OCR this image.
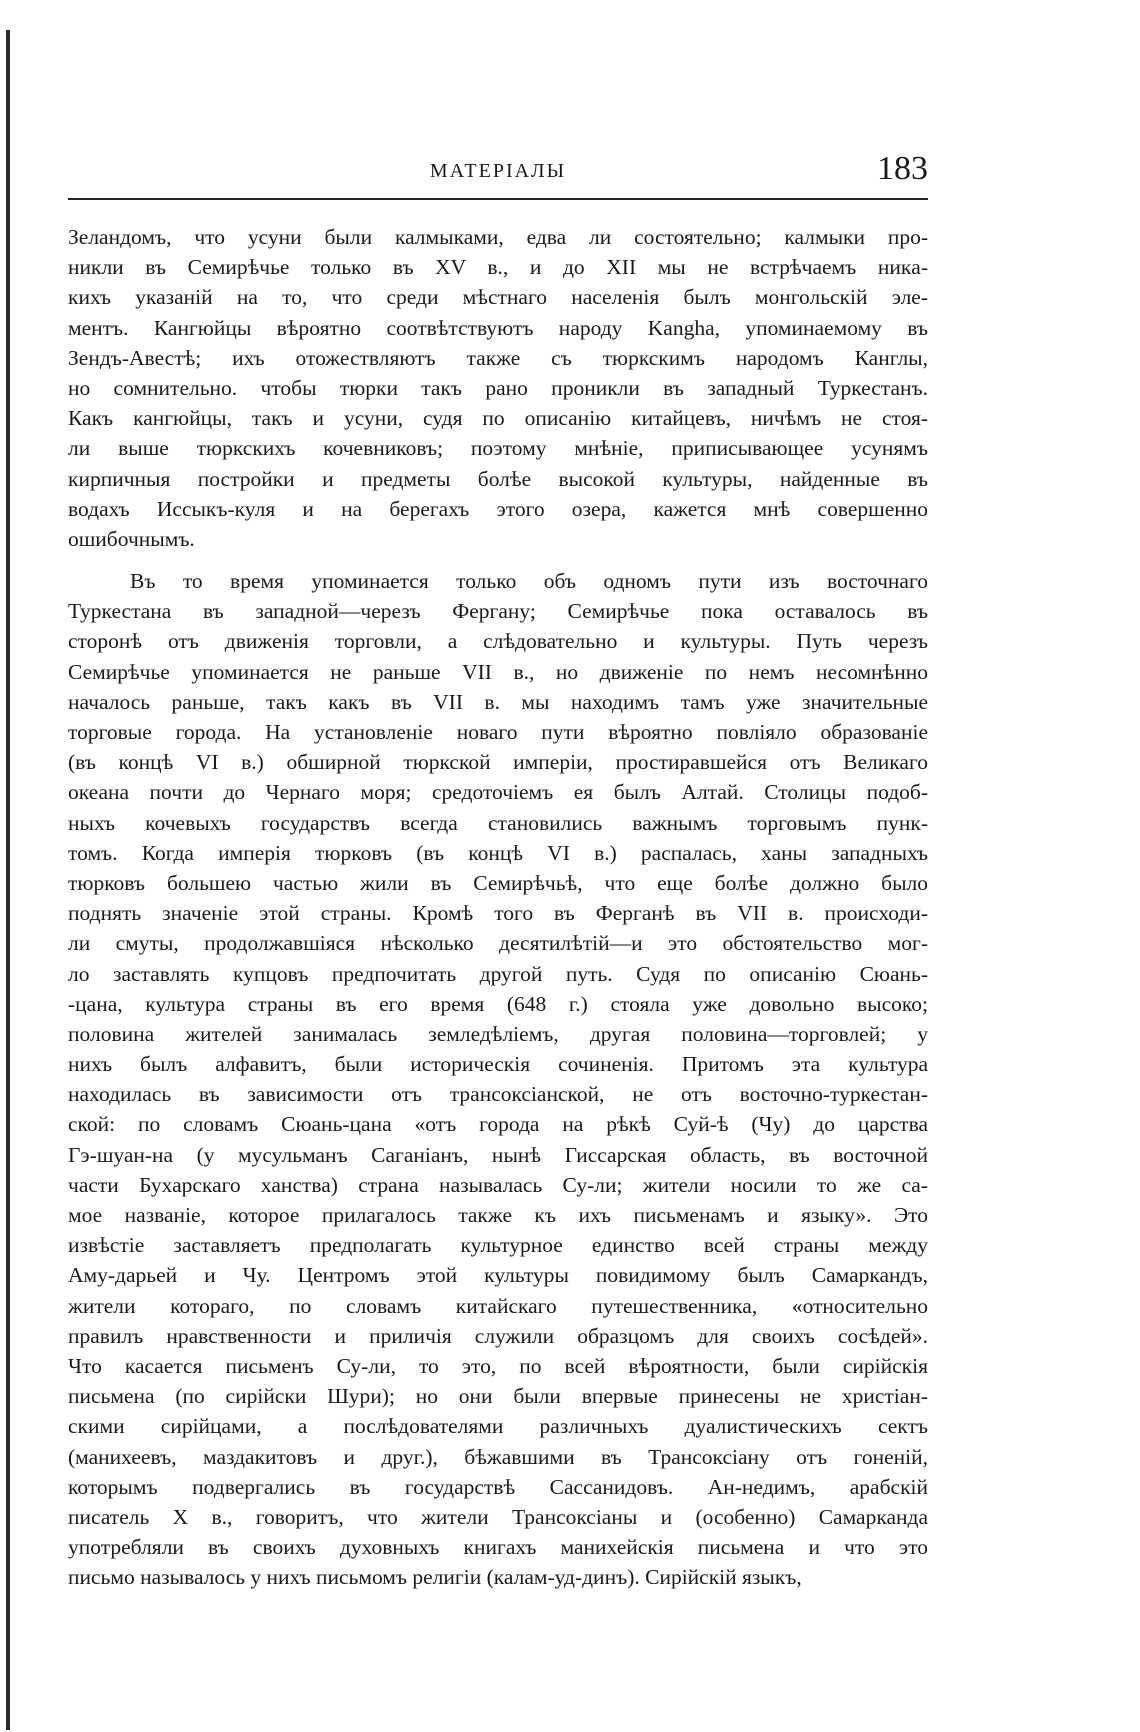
МАТЕРІАЛЫ	183
Зеландомъ, что усуни были калмыками, едва ли состоятельно; калмыки про-
никли въ Семирѣчье только въ XV в., и до XII мы не встрѣчаемъ никa-
кихъ указаній на то, что среди мѣстнаго населенія былъ монгольскій эле-
ментъ. Кангюйцы вѣроятно соотвѣтствуютъ народу Kangha, упоминаемому въ
Зендъ-Авестѣ; ихъ отожествляютъ также съ тюркскимъ народомъ Канглы,
но сомнительно. чтобы тюрки такъ рано проникли въ западный Туркестанъ.
Какъ кангюйцы, такъ и усуни, судя по описанію китайцевъ, ничѣмъ не стоя-
ли выше тюркскихъ кочевниковъ; поэтому мнѣніе, приписывающее усунямъ
кирпичныя постройки и предметы болѣе высокой культуры, найденные въ
водахъ Иссыкъ-куля и на берегахъ этого озера, кажется мнѣ совершенно
ошибочнымъ.
Въ то время упоминается только объ одномъ пути изъ восточнаго
Туркестана въ западной—черезъ Фергану; Семирѣчье пока оставалось въ
сторонѣ отъ движенія торговли, а слѣдовательно и культуры. Путь черезъ
Семирѣчье упоминается не раньше VII в., но движеніе по немъ несомнѣнно
началось раньше, такъ какъ въ VII в. мы находимъ тамъ уже значительные
торговые города. На установленіе новаго пути вѣроятно повліяло образованіе
(въ концѣ VI в.) обширной тюркской имперіи, простиравшейся отъ Великаго
океана почти до Чернаго моря; средоточіемъ ея былъ Алтай. Столицы подоб-
ныхъ кочевыхъ государствъ всегда становились важнымъ торговымъ пунк-
томъ. Когда имперія тюрковъ (въ концѣ VI в.) распалась, ханы западныхъ
тюрковъ большею частью жили въ Семирѣчьѣ, что еще болѣе должно было
поднять значеніе этой страны. Кромѣ того въ Ферганѣ въ VII в. происходи-
ли смуты, продолжавшіяся нѣсколько десятилѣтій—и это обстоятельство мог-
ло заставлять купцовъ предпочитать другой путь. Судя по описанію Сюань-
-цана, культура страны въ его время (648 г.) стояла уже довольно высоко;
половина жителей занималась земледѣліемъ, другая половина—торговлей; у
нихъ былъ алфавитъ, были историческія сочиненія. Притомъ эта культура
находилась въ зависимости отъ трансоксіанской, не отъ восточно-туркестан-
ской: по словамъ Сюань-цана «отъ города на рѣкѣ Суй-ѣ (Чу) до царства
Гэ-шуан-на (у мусульманъ Саганіанъ, нынѣ Гиссарская область, въ восточной
части Бухарскаго ханства) страна называлась Су-ли; жители носили то же са-
мое названіе, которое прилагалось также къ ихъ письменамъ и языку». Это
извѣстіе заставляетъ предполагать культурное единство всей страны между
Аму-дарьей и Чу. Центромъ этой культуры повидимому былъ Самаркандъ,
жители котораго, по словамъ китайскаго путешественника, «относительно
правилъ нравственности и приличія служили образцомъ для своихъ сосѣдей».
Что касается письменъ Су-ли, то это, по всей вѣроятности, были сирійскія
письмена (по сирійски Шури); но они были впервые принесены не христіан-
скими сирійцами, а послѣдователями различныхъ дуалистическихъ сектъ
(манихеевъ, маздакитовъ и друг.), бѣжавшими въ Трансоксіану отъ гоненій,
которымъ подвергались въ государствѣ Сассанидовъ. Ан-недимъ, арабскій
писатель X в., говоритъ, что жители Трансоксіаны и (особенно) Самарканда
употребляли въ своихъ духовныхъ книгахъ манихейскія письмена и что это
письмо называлось у нихъ письмомъ религіи (калам-уд-динъ). Сирійскій языкъ,
